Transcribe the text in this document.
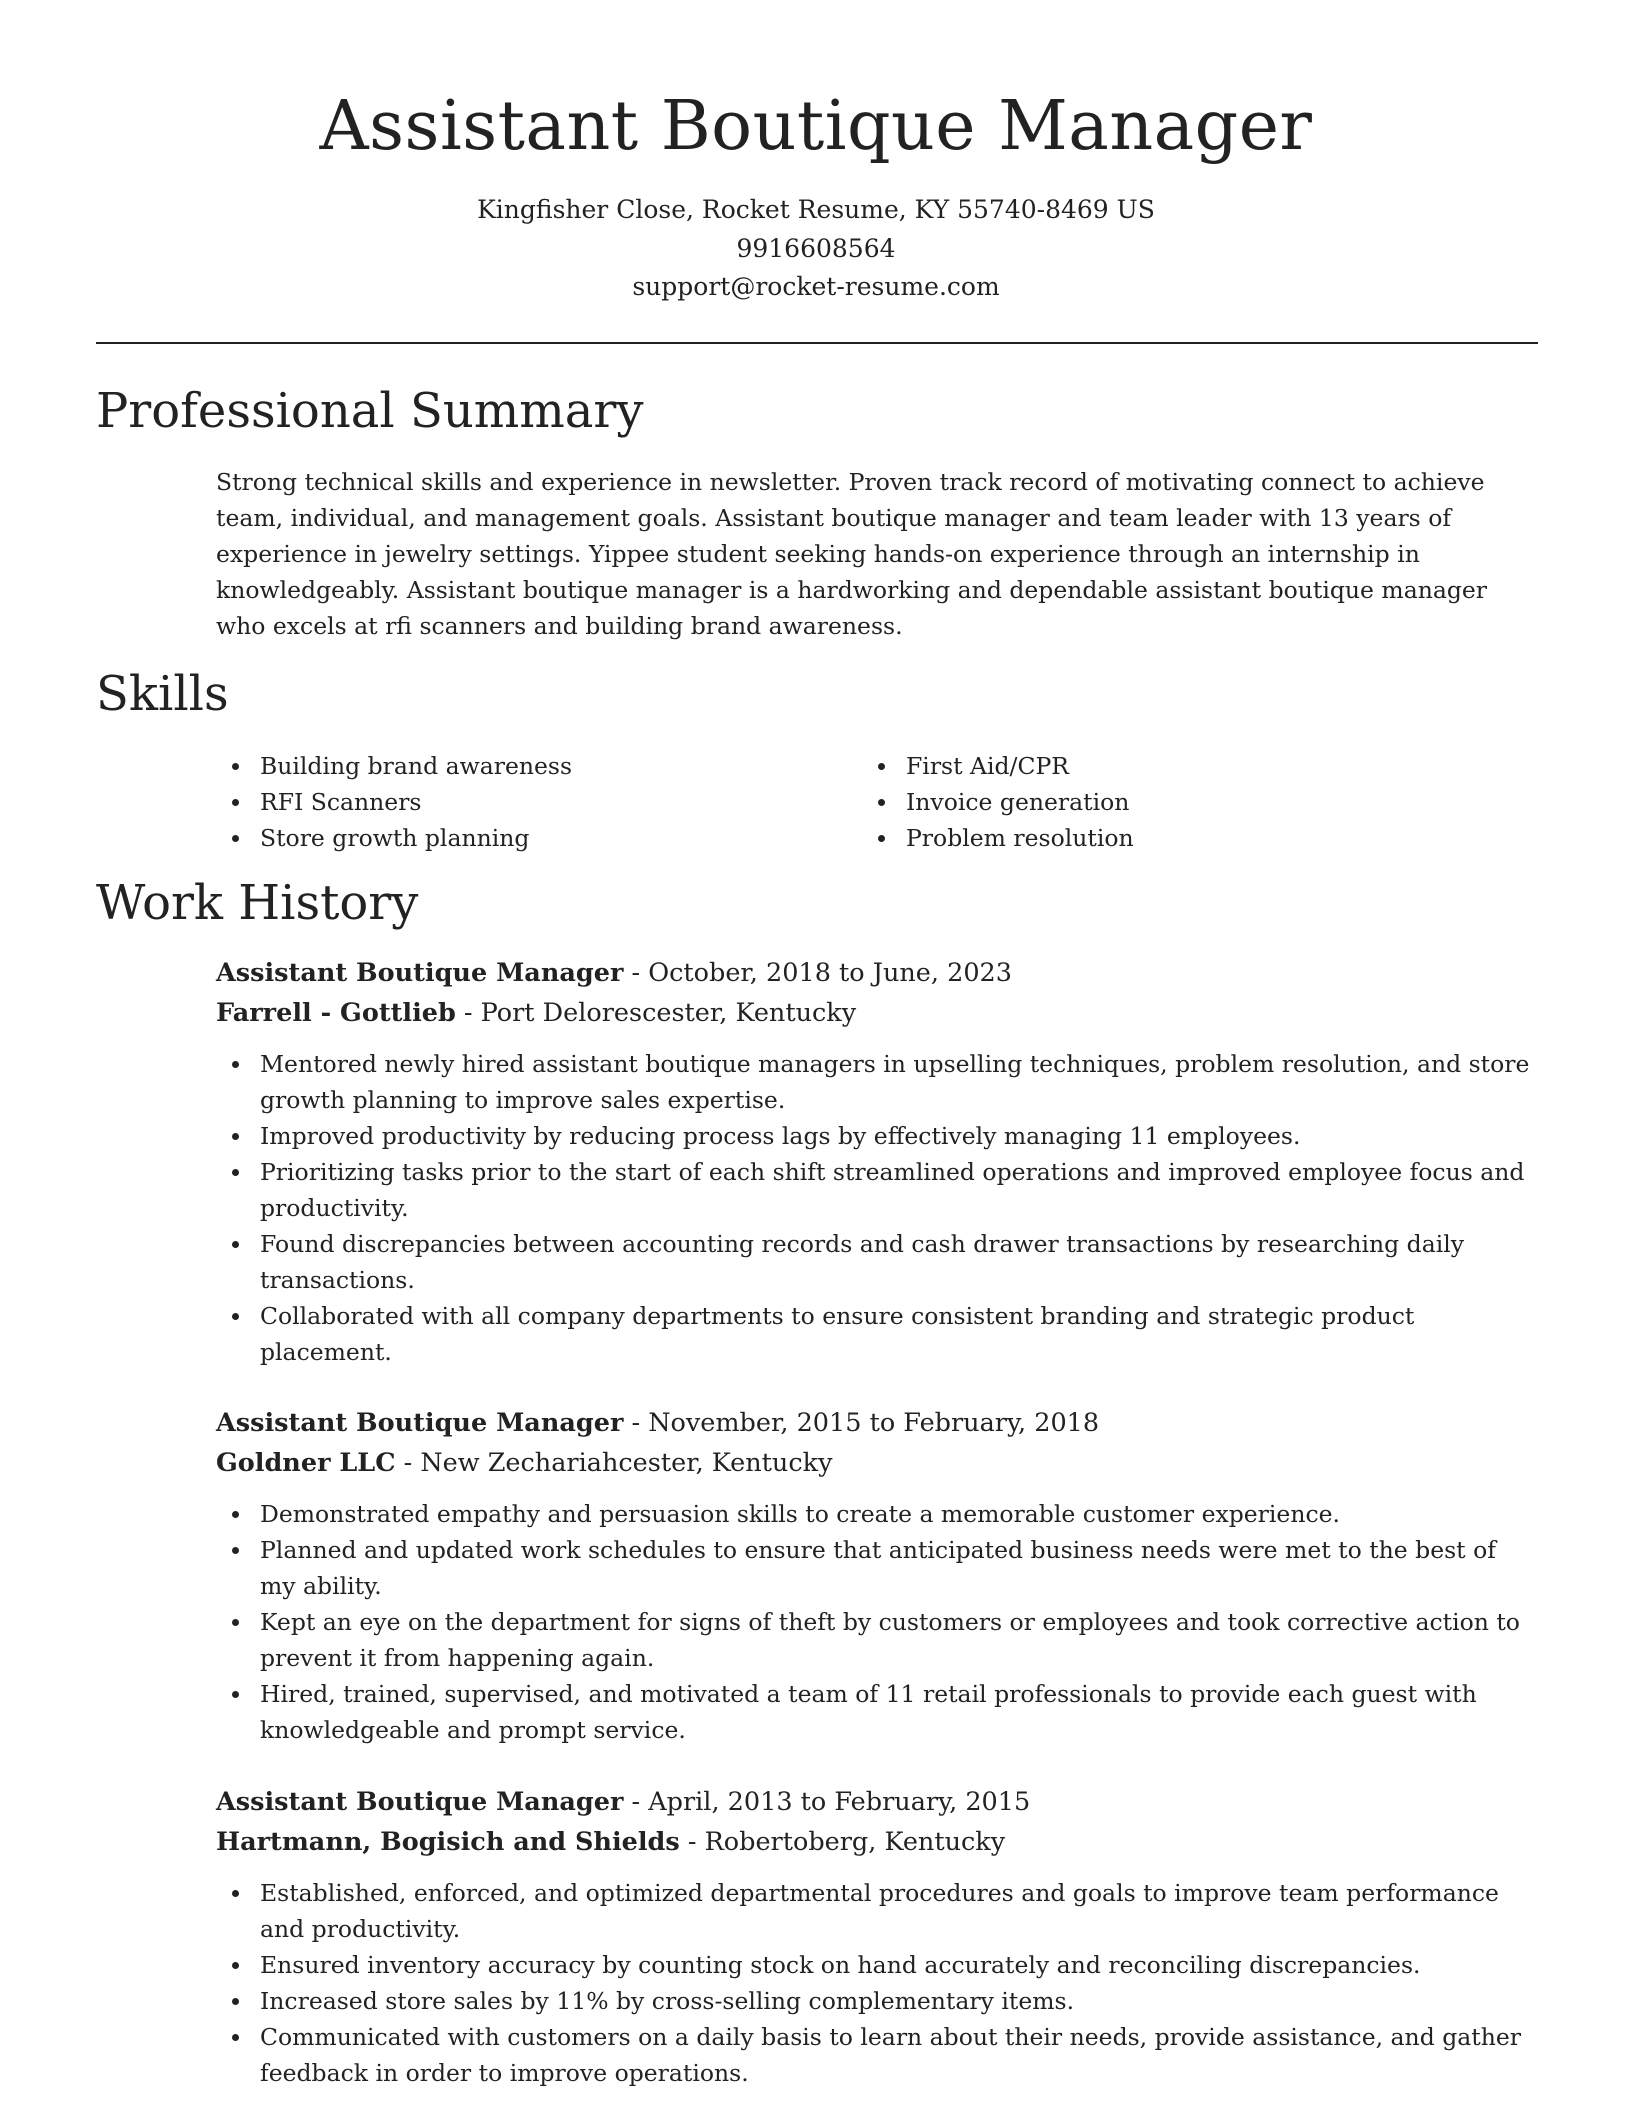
Assistant Boutique Manager
Kingfisher Close, Rocket Resume, KY 55740-8469 US
9916608564
support@rocket-resume.com
Professional Summary

Strong technical skills and experience in newsletter. Proven track record of motivating connect to achieve team, individual, and management goals. Assistant boutique manager and team leader with 13 years of experience in jewelry settings. Yippee student seeking hands-on experience through an internship in knowledgeably. Assistant boutique manager is a hardworking and dependable assistant boutique manager who excels at rfi scanners and building brand awareness.

Skills
Building brand awareness
RFI Scanners
Store growth planning
First Aid/CPR
Invoice generation
Problem resolution
Work History
Assistant Boutique Manager - October, 2018 to June, 2023
Farrell - Gottlieb - Port Delorescester, Kentucky
Mentored newly hired assistant boutique managers in upselling techniques, problem resolution, and store growth planning to improve sales expertise.
Improved productivity by reducing process lags by effectively managing 11 employees.
Prioritizing tasks prior to the start of each shift streamlined operations and improved employee focus and productivity.
Found discrepancies between accounting records and cash drawer transactions by researching daily transactions.
Collaborated with all company departments to ensure consistent branding and strategic product placement.
Assistant Boutique Manager - November, 2015 to February, 2018
Goldner LLC - New Zechariahcester, Kentucky
Demonstrated empathy and persuasion skills to create a memorable customer experience.
Planned and updated work schedules to ensure that anticipated business needs were met to the best of my ability.
Kept an eye on the department for signs of theft by customers or employees and took corrective action to prevent it from happening again.
Hired, trained, supervised, and motivated a team of 11 retail professionals to provide each guest with knowledgeable and prompt service.
Assistant Boutique Manager - April, 2013 to February, 2015
Hartmann, Bogisich and Shields - Robertoberg, Kentucky
Established, enforced, and optimized departmental procedures and goals to improve team performance and productivity.
Ensured inventory accuracy by counting stock on hand accurately and reconciling discrepancies.
Increased store sales by 11% by cross-selling complementary items.
Communicated with customers on a daily basis to learn about their needs, provide assistance, and gather feedback in order to improve operations.
